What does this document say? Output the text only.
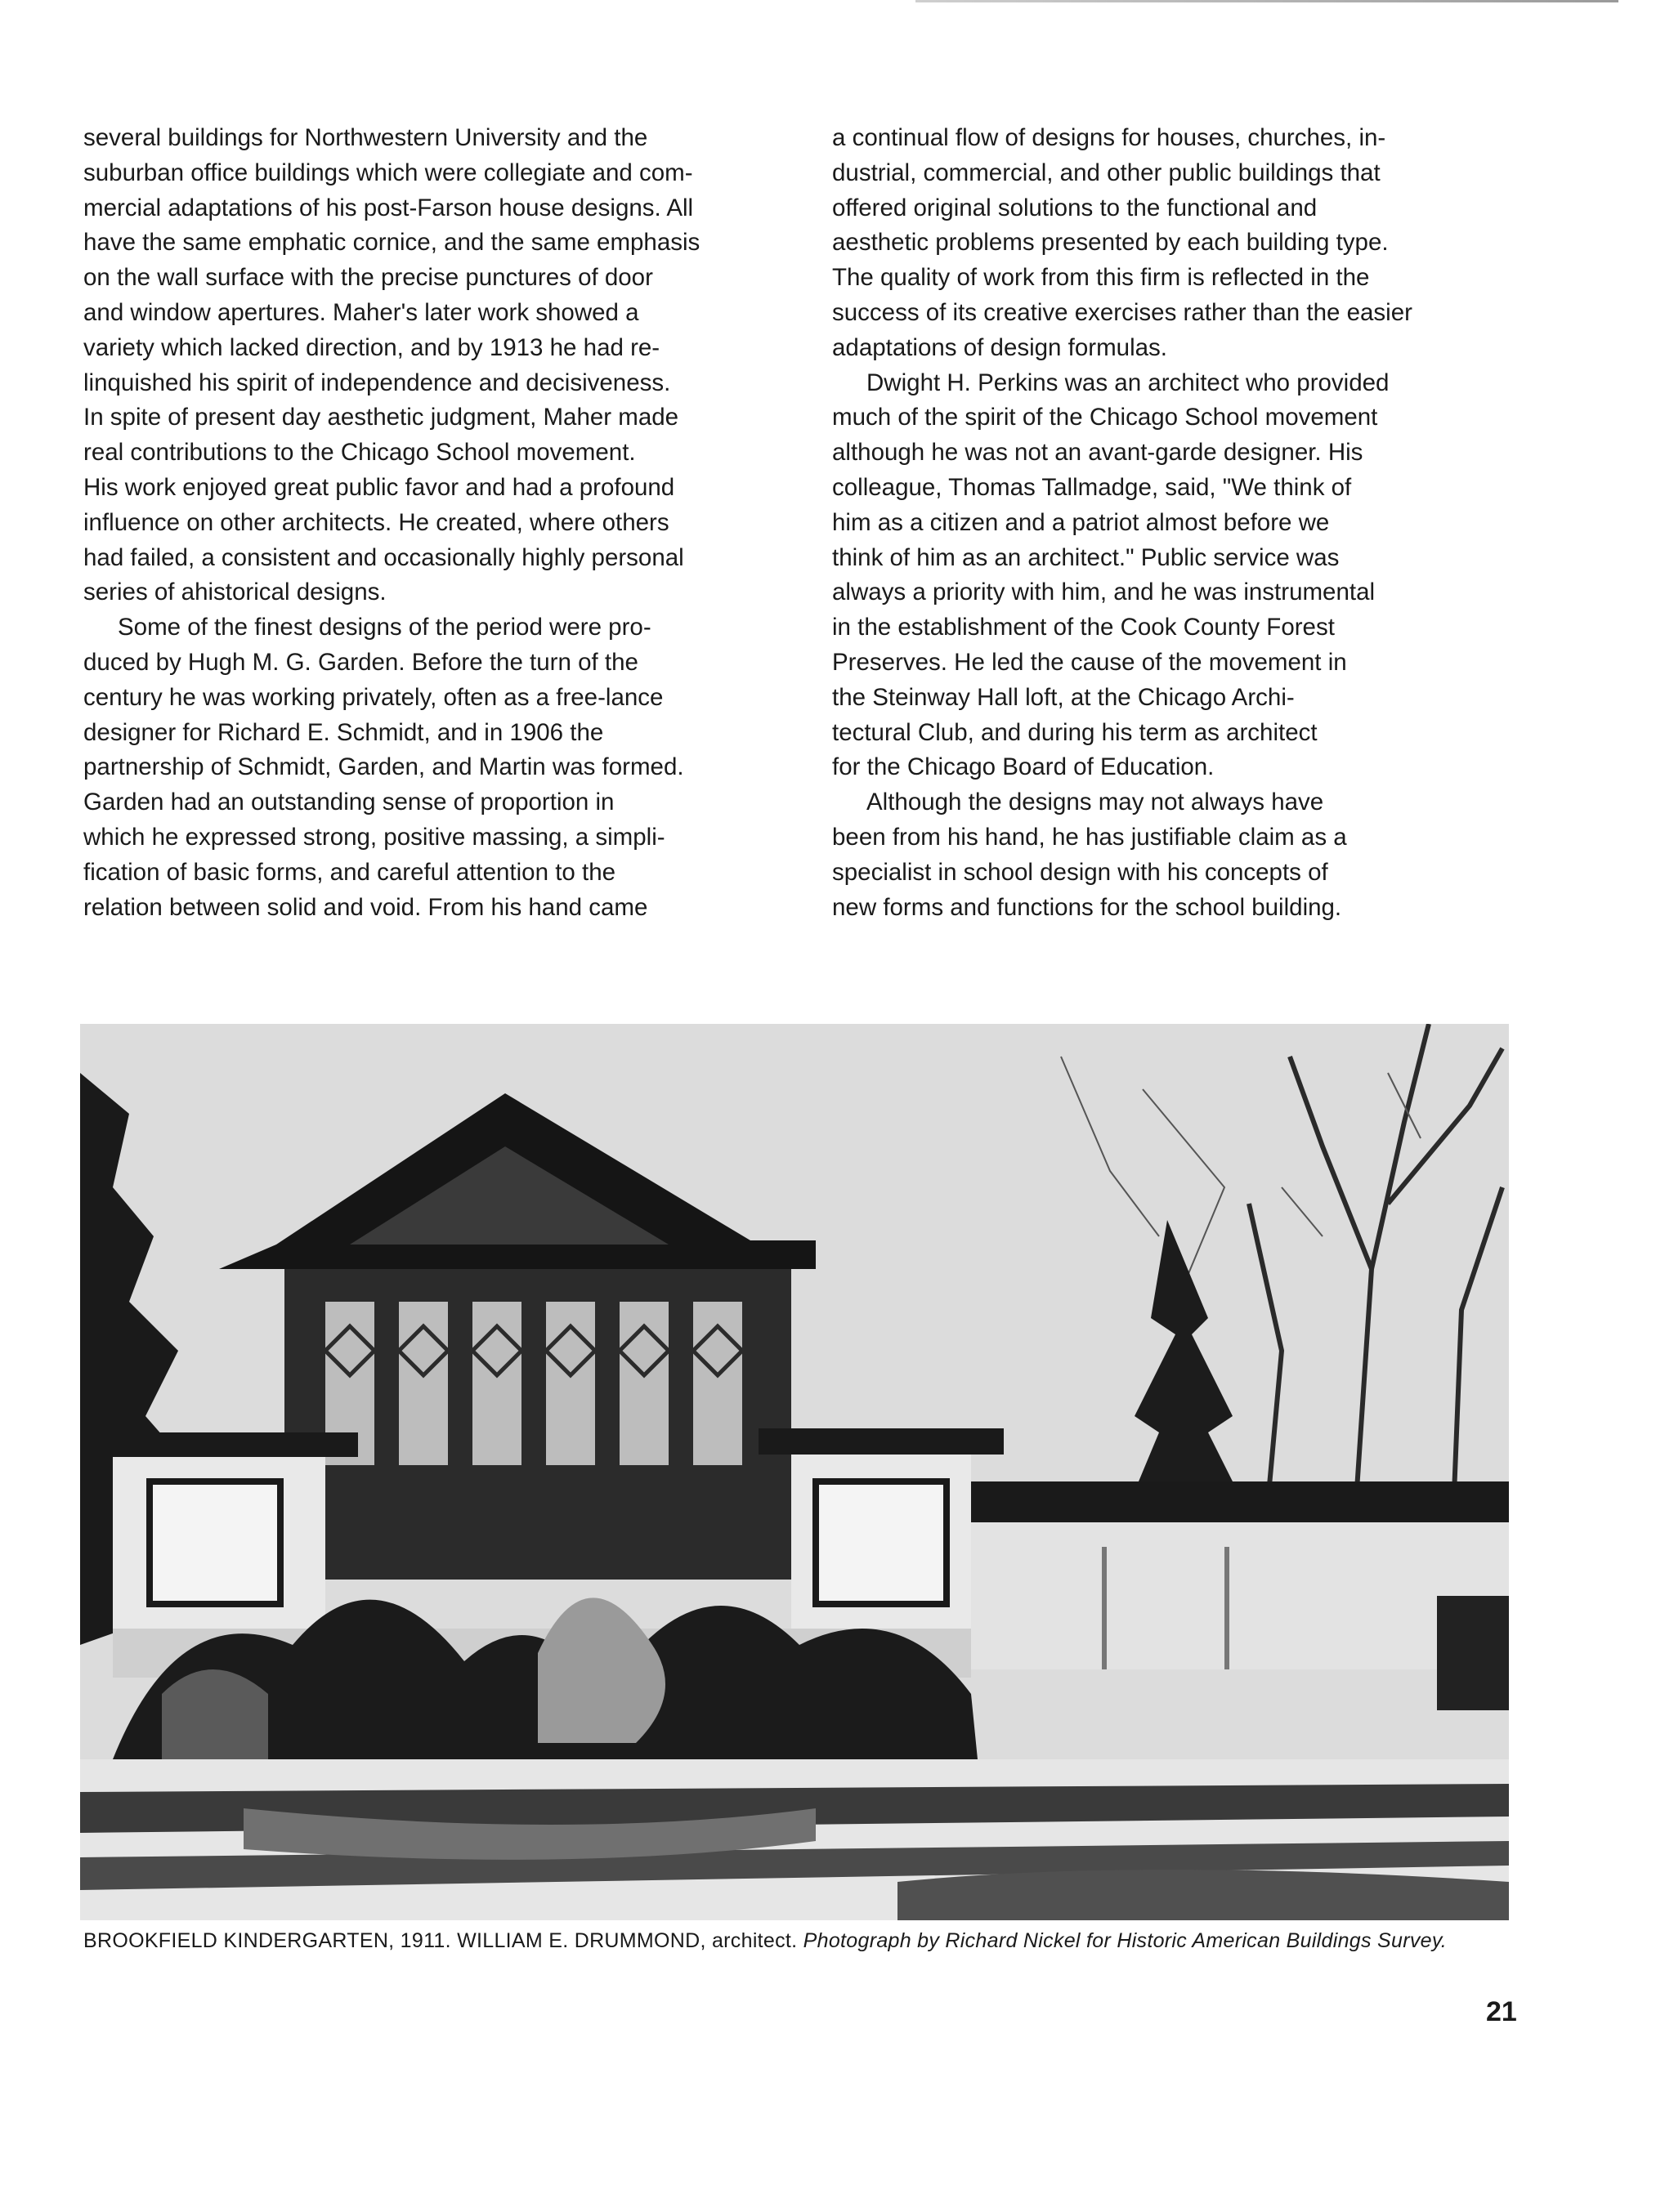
several buildings for Northwestern University and the
suburban office buildings which were collegiate and com-
mercial adaptations of his post-Farson house designs. All
have the same emphatic cornice, and the same emphasis
on the wall surface with the precise punctures of door
and window apertures. Maher's later work showed a
variety which lacked direction, and by 1913 he had re-
linquished his spirit of independence and decisiveness.
In spite of present day aesthetic judgment, Maher made
real contributions to the Chicago School movement.
His work enjoyed great public favor and had a profound
influence on other architects. He created, where others
had failed, a consistent and occasionally highly personal
series of ahistorical designs.
Some of the finest designs of the period were pro-
duced by Hugh M. G. Garden. Before the turn of the
century he was working privately, often as a free-lance
designer for Richard E. Schmidt, and in 1906 the
partnership of Schmidt, Garden, and Martin was formed.
Garden had an outstanding sense of proportion in
which he expressed strong, positive massing, a simpli-
fication of basic forms, and careful attention to the
relation between solid and void. From his hand came
a continual flow of designs for houses, churches, in-
dustrial, commercial, and other public buildings that
offered original solutions to the functional and
aesthetic problems presented by each building type.
The quality of work from this firm is reflected in the
success of its creative exercises rather than the easier
adaptations of design formulas.
Dwight H. Perkins was an architect who provided
much of the spirit of the Chicago School movement
although he was not an avant-garde designer. His
colleague, Thomas Tallmadge, said, "We think of
him as a citizen and a patriot almost before we
think of him as an architect." Public service was
always a priority with him, and he was instrumental
in the establishment of the Cook County Forest
Preserves. He led the cause of the movement in
the Steinway Hall loft, at the Chicago Archi-
tectural Club, and during his term as architect
for the Chicago Board of Education.
Although the designs may not always have
been from his hand, he has justifiable claim as a
specialist in school design with his concepts of
new forms and functions for the school building.
BROOKFIELD KINDERGARTEN, 1911. WILLIAM E. DRUMMOND, architect. Photograph by Richard Nickel for Historic American Buildings Survey.
21
